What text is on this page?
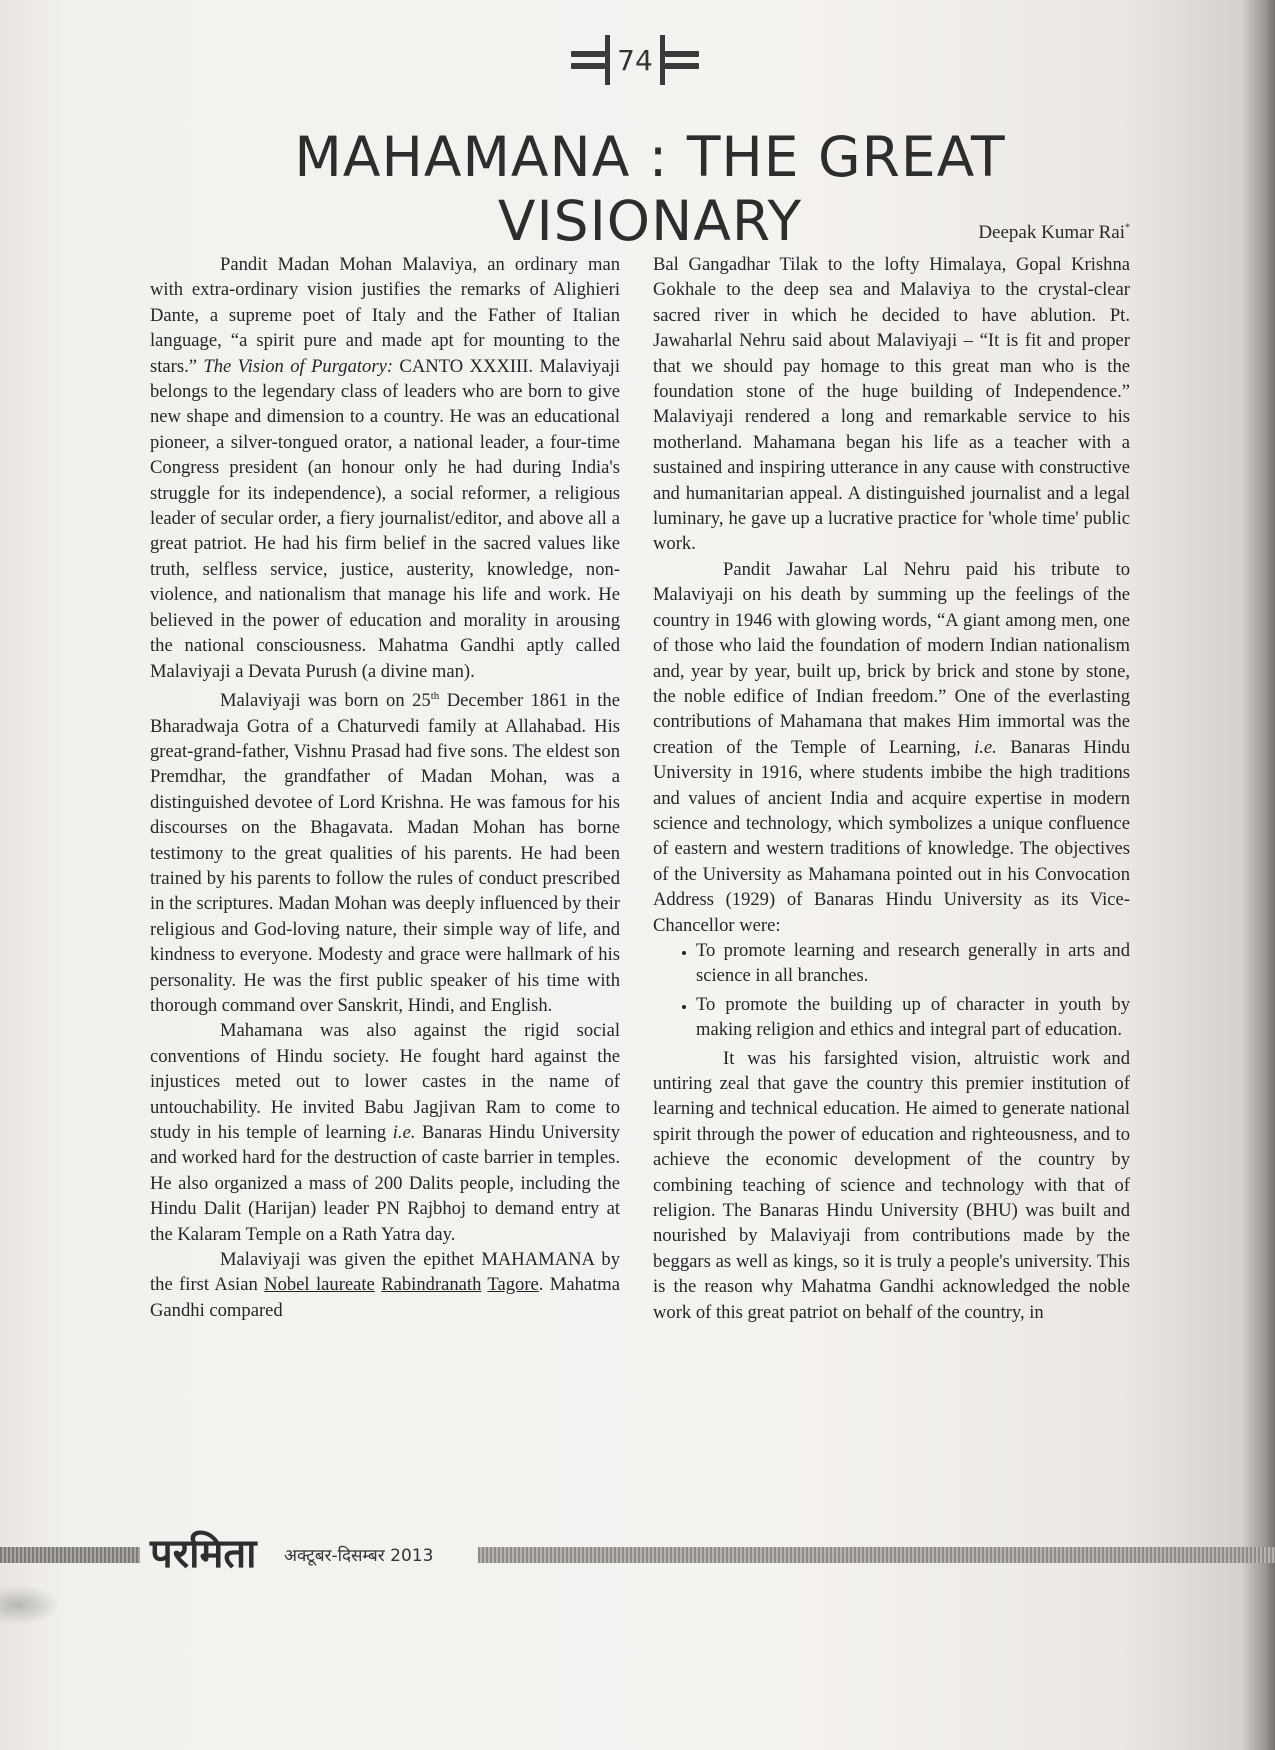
74
MAHAMANA : THE GREAT VISIONARY	Deepak Kumar Rai*

Pandit Madan Mohan Malaviya, an ordinary man with extra-ordinary vision justifies the remarks of Alighieri Dante, a supreme poet of Italy and the Father of Italian language, “a spirit pure and made apt for mounting to the stars.” The Vision of Purgatory: CANTO XXXIII. Malaviyaji belongs to the legendary class of leaders who are born to give new shape and dimension to a country. He was an educational pioneer, a silver-tongued orator, a national leader, a four-time Congress president (an honour only he had during India's struggle for its independence), a social reformer, a religious leader of secular order, a fiery journalist/editor, and above all a great patriot. He had his firm belief in the sacred values like truth, selfless service, justice, austerity, knowledge, non-violence, and nationalism that manage his life and work. He believed in the power of education and morality in arousing the national consciousness. Mahatma Gandhi aptly called Malaviyaji a Devata Purush (a divine man).

Malaviyaji was born on 25th December 1861 in the Bharadwaja Gotra of a Chaturvedi family at Allahabad. His great-grand-father, Vishnu Prasad had five sons. The eldest son Premdhar, the grandfather of Madan Mohan, was a distinguished devotee of Lord Krishna. He was famous for his discourses on the Bhagavata. Madan Mohan has borne testimony to the great qualities of his parents. He had been trained by his parents to follow the rules of conduct prescribed in the scriptures. Madan Mohan was deeply influenced by their religious and God-loving nature, their simple way of life, and kindness to everyone. Modesty and grace were hallmark of his personality. He was the first public speaker of his time with thorough command over Sanskrit, Hindi, and English.

Mahamana was also against the rigid social conventions of Hindu society. He fought hard against the injustices meted out to lower castes in the name of untouchability. He invited Babu Jagjivan Ram to come to study in his temple of learning i.e. Banaras Hindu University and worked hard for the destruction of caste barrier in temples. He also organized a mass of 200 Dalits people, including the Hindu Dalit (Harijan) leader PN Rajbhoj to demand entry at the Kalaram Temple on a Rath Yatra day.

Malaviyaji was given the epithet MAHAMANA by the first Asian Nobel laureate Rabindranath Tagore. Mahatma Gandhi compared

Bal Gangadhar Tilak to the lofty Himalaya, Gopal Krishna Gokhale to the deep sea and Malaviya to the crystal-clear sacred river in which he decided to have ablution. Pt. Jawaharlal Nehru said about Malaviyaji – “It is fit and proper that we should pay homage to this great man who is the foundation stone of the huge building of Independence.” Malaviyaji rendered a long and remarkable service to his motherland. Mahamana began his life as a teacher with a sustained and inspiring utterance in any cause with constructive and humanitarian appeal. A distinguished journalist and a legal luminary, he gave up a lucrative practice for 'whole time' public work.

Pandit Jawahar Lal Nehru paid his tribute to Malaviyaji on his death by summing up the feelings of the country in 1946 with glowing words, “A giant among men, one of those who laid the foundation of modern Indian nationalism and, year by year, built up, brick by brick and stone by stone, the noble edifice of Indian freedom.” One of the everlasting contributions of Mahamana that makes Him immortal was the creation of the Temple of Learning, i.e. Banaras Hindu University in 1916, where students imbibe the high traditions and values of ancient India and acquire expertise in modern science and technology, which symbolizes a unique confluence of eastern and western traditions of knowledge. The objectives of the University as Mahamana pointed out in his Convocation Address (1929) of Banaras Hindu University as its Vice-Chancellor were:

• To promote learning and research generally in arts and science in all branches.
• To promote the building up of character in youth by making religion and ethics and integral part of education.

It was his farsighted vision, altruistic work and untiring zeal that gave the country this premier institution of learning and technical education. He aimed to generate national spirit through the power of education and righteousness, and to achieve the economic development of the country by combining teaching of science and technology with that of religion. The Banaras Hindu University (BHU) was built and nourished by Malaviyaji from contributions made by the beggars as well as kings, so it is truly a people's university. This is the reason why Mahatma Gandhi acknowledged the noble work of this great patriot on behalf of the country, in

परमिता अक्टूबर-दिसम्बर 2013
